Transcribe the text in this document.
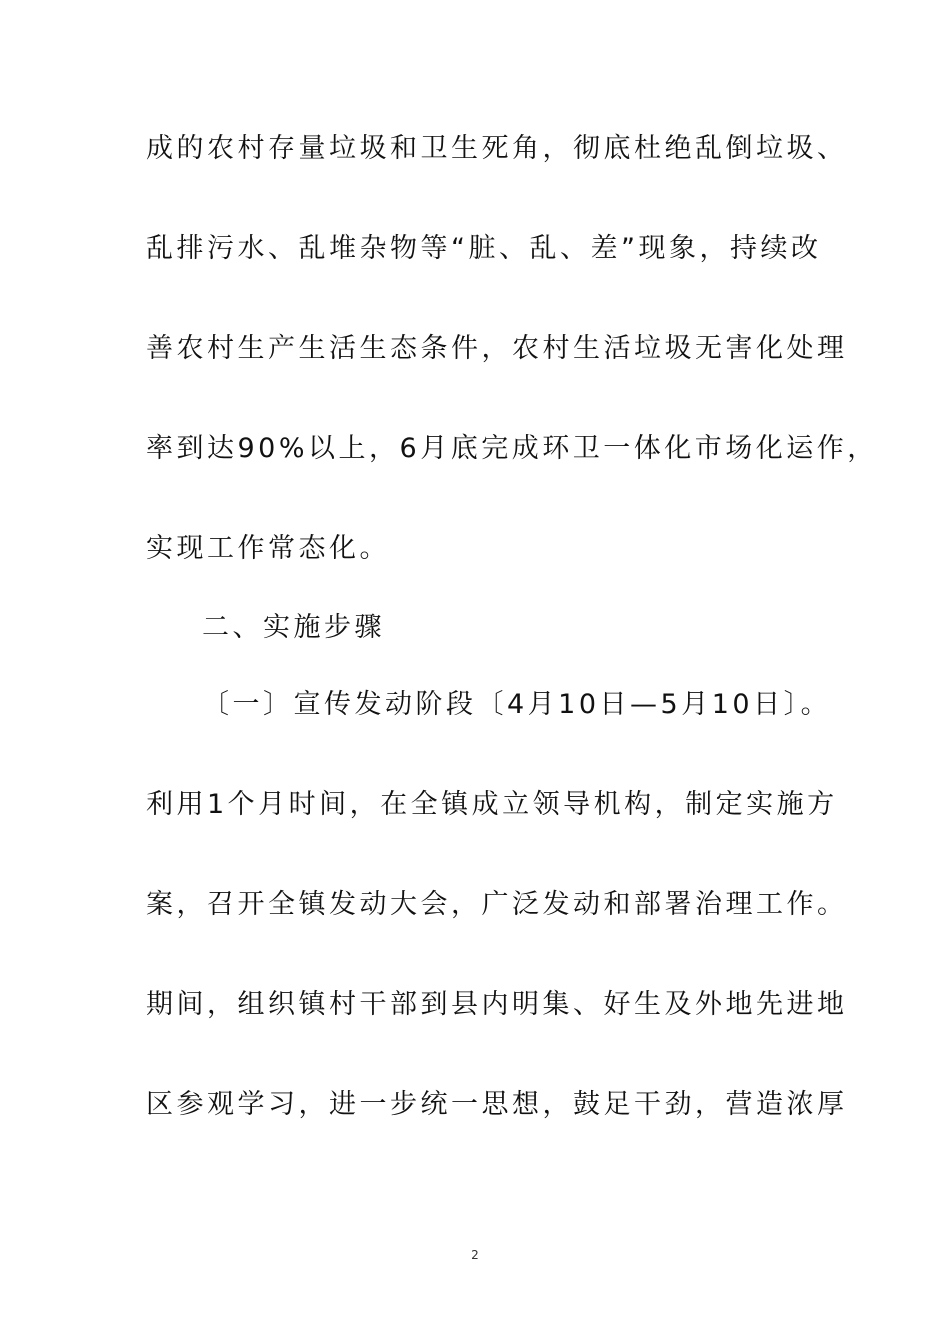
成的农村存量垃圾和卫生死角，彻底杜绝乱倒垃圾、
乱排污水、乱堆杂物等“脏、乱、差”现象，持续改
善农村生产生活生态条件，农村生活垃圾无害化处理
率到达90%以上，6月底完成环卫一体化市场化运作，
实现工作常态化。
二、实施步骤
〔一〕宣传发动阶段〔4月10日—5月10日〕。
利用1个月时间，在全镇成立领导机构，制定实施方
案，召开全镇发动大会，广泛发动和部署治理工作。
期间，组织镇村干部到县内明集、好生及外地先进地
区参观学习，进一步统一思想，鼓足干劲，营造浓厚
2
